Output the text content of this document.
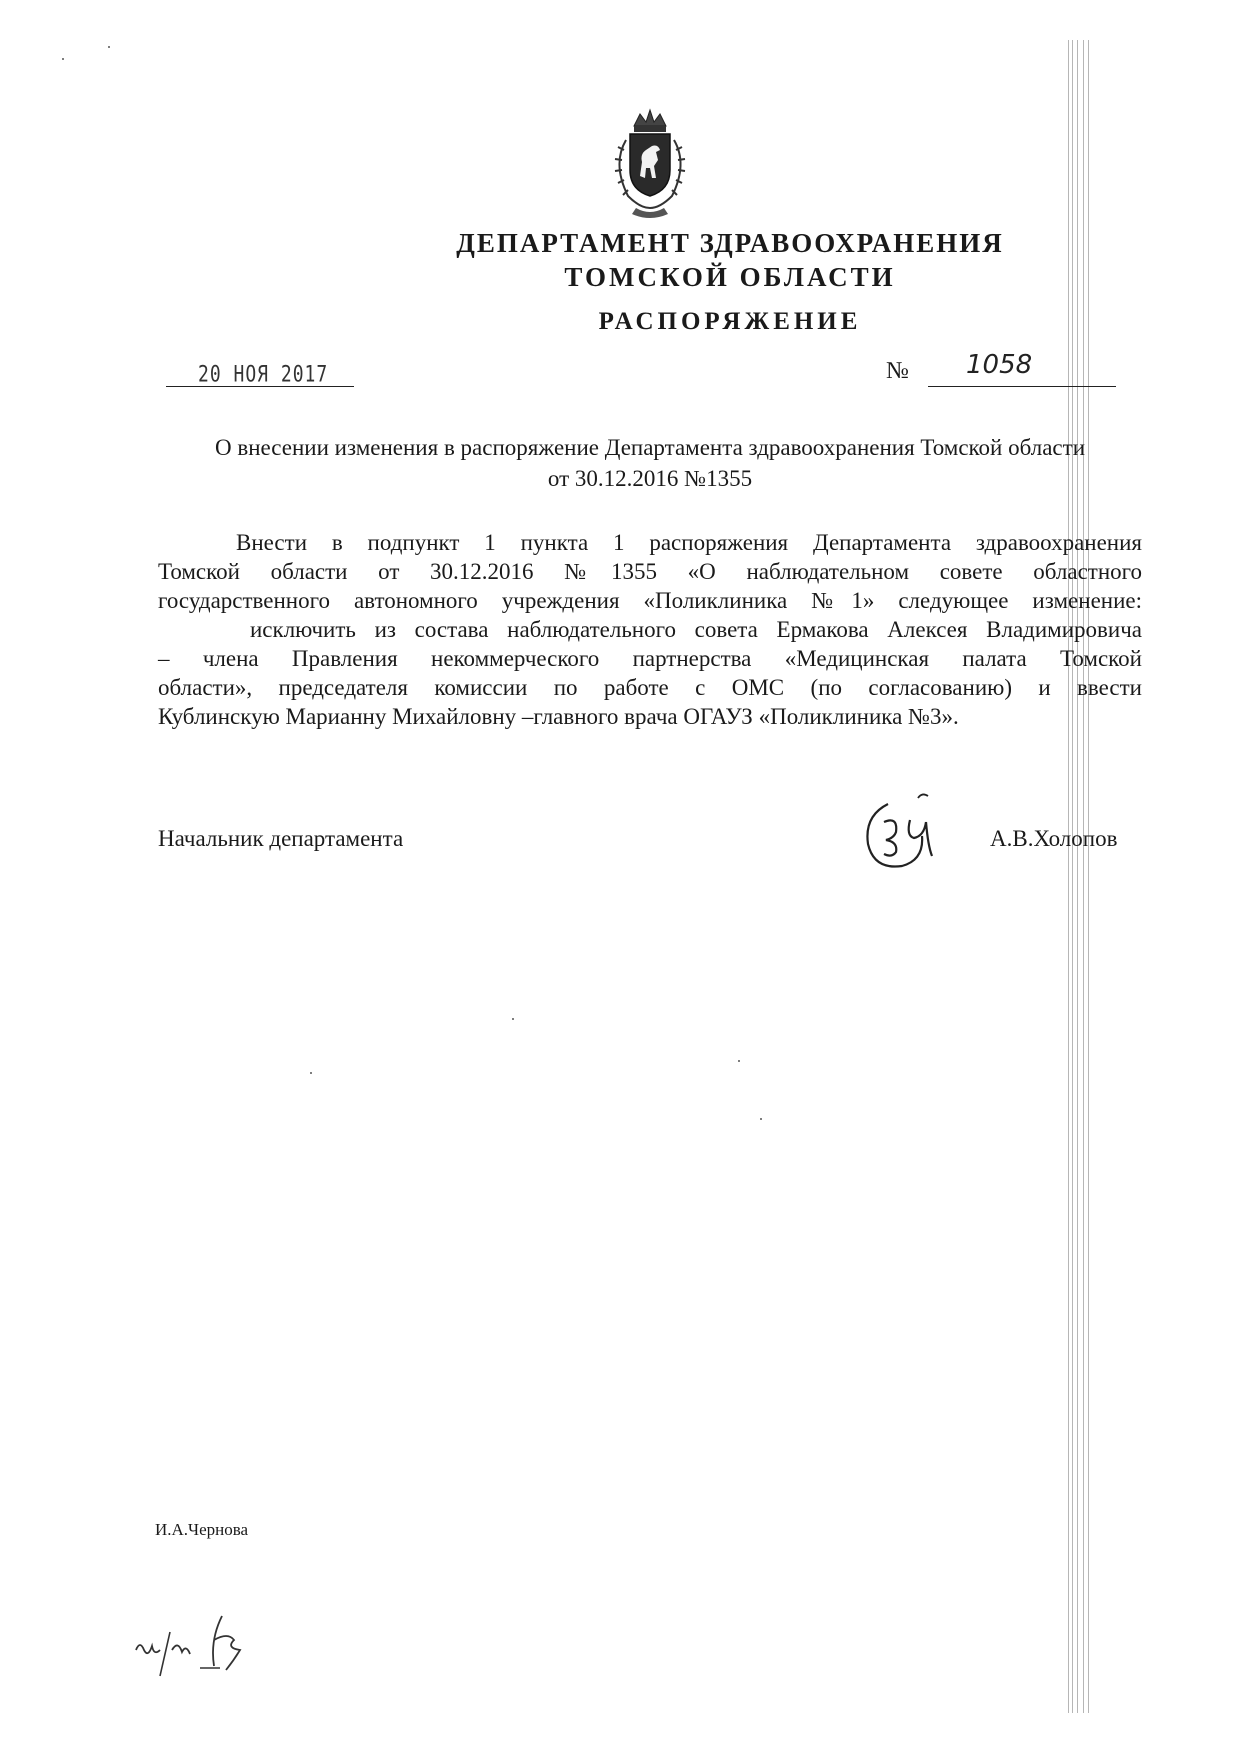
ДЕПАРТАМЕНТ ЗДРАВООХРАНЕНИЯ
ТОМСКОЙ ОБЛАСТИ
РАСПОРЯЖЕНИЕ
20 НОЯ 2017	№ 1058
О внесении изменения в распоряжение Департамента здравоохранения Томской области
от 30.12.2016 №1355
Внести в подпункт 1 пункта 1 распоряжения Департамента здравоохранения
Томской области от 30.12.2016 №1355 «О наблюдательном совете областного
государственного автономного учреждения «Поликлиника №1» следующее изменение:
исключить из состава наблюдательного совета Ермакова Алексея Владимировича
– члена Правления некоммерческого партнерства «Медицинская палата Томской
области», председателя комиссии по работе с ОМС (по согласованию) и ввести
Кублинскую Марианну Михайловну –главного врача ОГАУЗ «Поликлиника №3».
Начальник департамента	А.В.Холопов
И.А.Чернова
